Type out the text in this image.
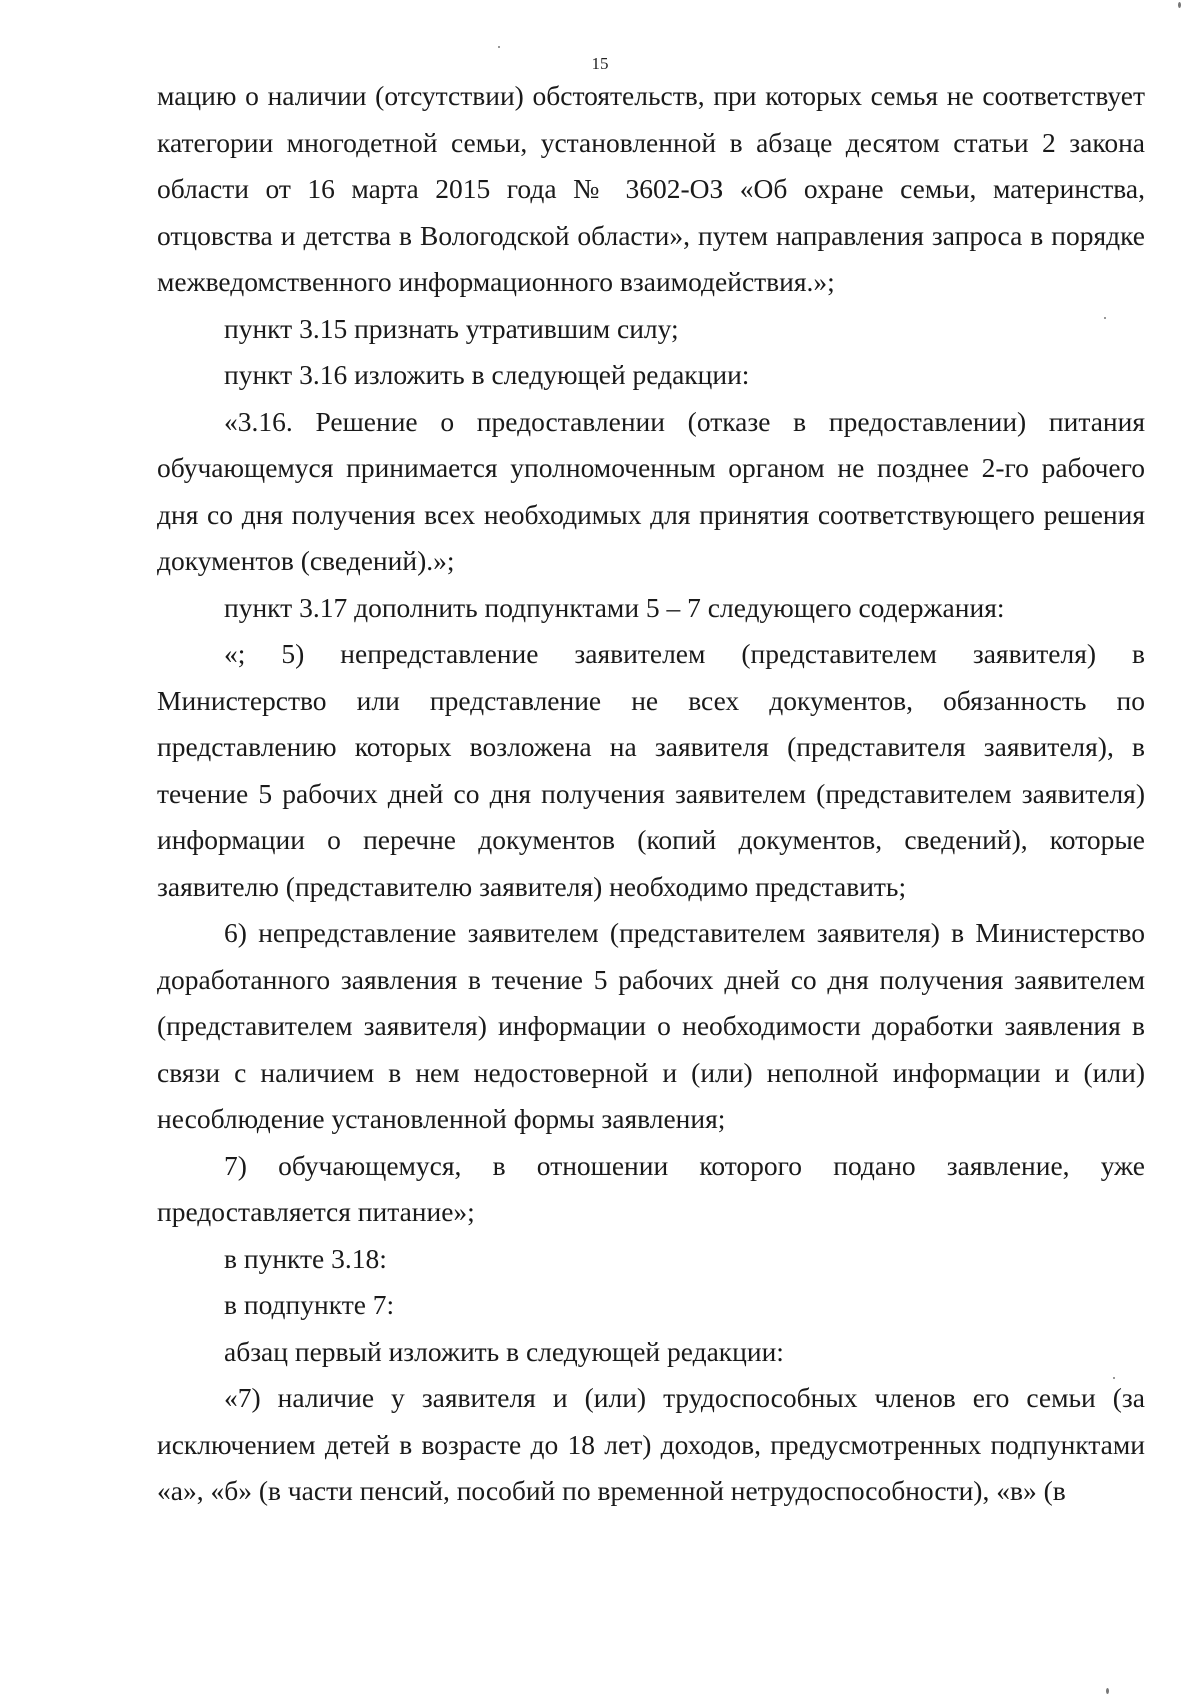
15

мацию о наличии (отсутствии) обстоятельств, при которых семья не соответствует категории многодетной семьи, установленной в абзаце десятом статьи 2 закона области от 16 марта 2015 года № 3602-ОЗ «Об охране семьи, материнства, отцовства и детства в Вологодской области», путем направления запроса в порядке межведомственного информационного взаимодействия.»;

пункт 3.15 признать утратившим силу;

пункт 3.16 изложить в следующей редакции:

«3.16. Решение о предоставлении (отказе в предоставлении) питания обучающемуся принимается уполномоченным органом не позднее 2-го рабочего дня со дня получения всех необходимых для принятия соответствующего решения документов (сведений).»;

пункт 3.17 дополнить подпунктами 5 – 7 следующего содержания:

«; 5) непредставление заявителем (представителем заявителя) в Министерство или представление не всех документов, обязанность по представлению которых возложена на заявителя (представителя заявителя), в течение 5 рабочих дней со дня получения заявителем (представителем заявителя) информации о перечне документов (копий документов, сведений), которые заявителю (представителю заявителя) необходимо представить;

6) непредставление заявителем (представителем заявителя) в Министерство доработанного заявления в течение 5 рабочих дней со дня получения заявителем (представителем заявителя) информации о необходимости доработки заявления в связи с наличием в нем недостоверной и (или) неполной информации и (или) несоблюдение установленной формы заявления;

7) обучающемуся, в отношении которого подано заявление, уже предоставляется питание»;

в пункте 3.18:

в подпункте 7:

абзац первый изложить в следующей редакции:

«7) наличие у заявителя и (или) трудоспособных членов его семьи (за исключением детей в возрасте до 18 лет) доходов, предусмотренных подпунктами «а», «б» (в части пенсий, пособий по временной нетрудоспособности), «в» (в
